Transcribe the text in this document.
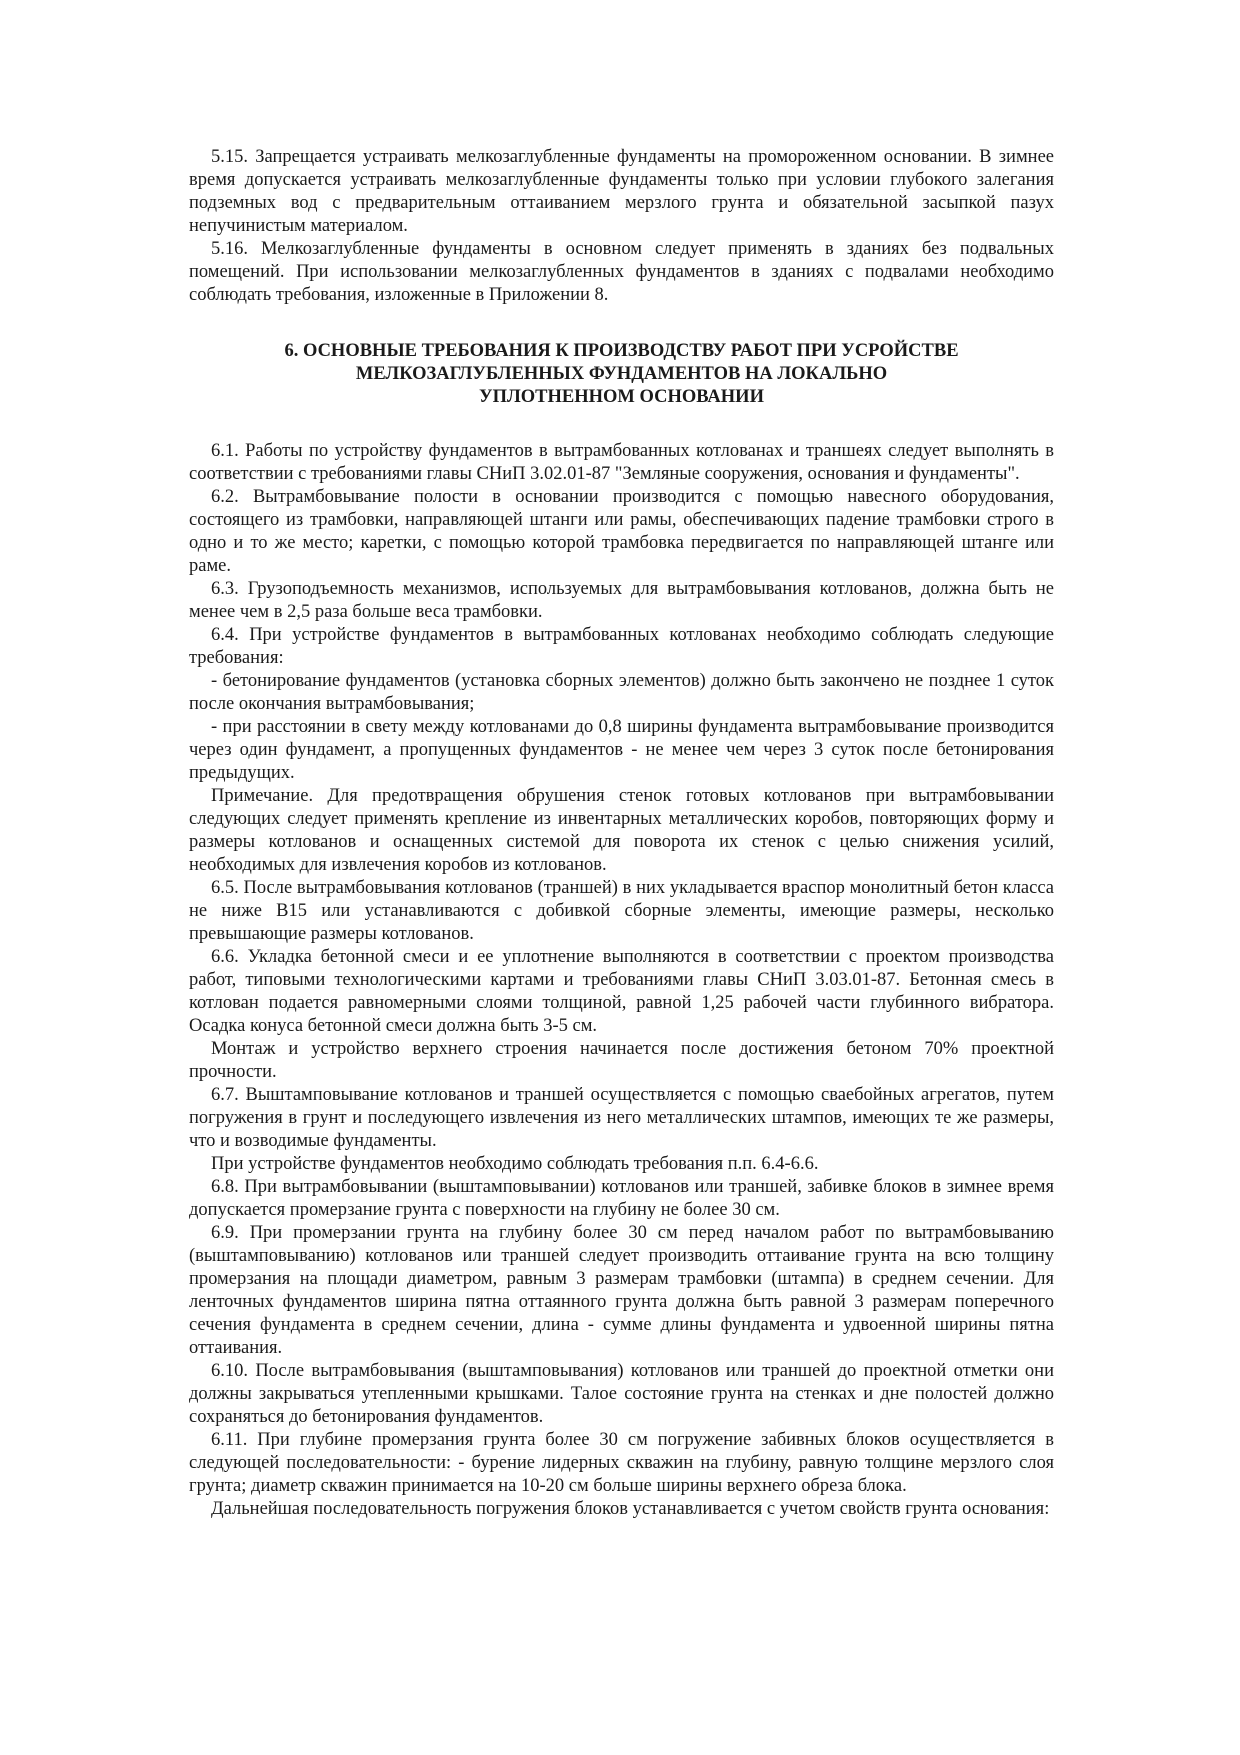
5.15. Запрещается устраивать мелкозаглубленные фундаменты на промороженном основании. В зимнее время допускается устраивать мелкозаглубленные фундаменты только при условии глубокого залегания подземных вод с предварительным оттаиванием мерзлого грунта и обязательной засыпкой пазух непучинистым материалом.

5.16. Мелкозаглубленные фундаменты в основном следует применять в зданиях без подвальных помещений. При использовании мелкозаглубленных фундаментов в зданиях с подвалами необходимо соблюдать требования, изложенные в Приложении 8.

6. ОСНОВНЫЕ ТРЕБОВАНИЯ К ПРОИЗВОДСТВУ РАБОТ ПРИ УСРОЙСТВЕ
МЕЛКОЗАГЛУБЛЕННЫХ ФУНДАМЕНТОВ НА ЛОКАЛЬНО
УПЛОТНЕННОМ ОСНОВАНИИ

6.1. Работы по устройству фундаментов в вытрамбованных котлованах и траншеях следует выполнять в соответствии с требованиями главы СНиП 3.02.01-87 "Земляные сооружения, основания и фундаменты".

6.2. Вытрамбовывание полости в основании производится с помощью навесного оборудования, состоящего из трамбовки, направляющей штанги или рамы, обеспечивающих падение трамбовки строго в одно и то же место; каретки, с помощью которой трамбовка передвигается по направляющей штанге или раме.

6.3. Грузоподъемность механизмов, используемых для вытрамбовывания котлованов, должна быть не менее чем в 2,5 раза больше веса трамбовки.

6.4. При устройстве фундаментов в вытрамбованных котлованах необходимо соблюдать следующие требования:

- бетонирование фундаментов (установка сборных элементов) должно быть закончено не позднее 1 суток после окончания вытрамбовывания;

- при расстоянии в свету между котлованами до 0,8 ширины фундамента вытрамбовывание производится через один фундамент, а пропущенных фундаментов - не менее чем через 3 суток после бетонирования предыдущих.

Примечание. Для предотвращения обрушения стенок готовых котлованов при вытрамбовывании следующих следует применять крепление из инвентарных металлических коробов, повторяющих форму и размеры котлованов и оснащенных системой для поворота их стенок с целью снижения усилий, необходимых для извлечения коробов из котлованов.

6.5. После вытрамбовывания котлованов (траншей) в них укладывается враспор монолитный бетон класса не ниже В15 или устанавливаются с добивкой сборные элементы, имеющие размеры, несколько превышающие размеры котлованов.

6.6. Укладка бетонной смеси и ее уплотнение выполняются в соответствии с проектом производства работ, типовыми технологическими картами и требованиями главы СНиП 3.03.01-87. Бетонная смесь в котлован подается равномерными слоями толщиной, равной 1,25 рабочей части глубинного вибратора. Осадка конуса бетонной смеси должна быть 3-5 см.

Монтаж и устройство верхнего строения начинается после достижения бетоном 70% проектной прочности.

6.7. Выштамповывание котлованов и траншей осуществляется с помощью сваебойных агрегатов, путем погружения в грунт и последующего извлечения из него металлических штампов, имеющих те же размеры, что и возводимые фундаменты.

При устройстве фундаментов необходимо соблюдать требования п.п. 6.4-6.6.

6.8. При вытрамбовывании (выштамповывании) котлованов или траншей, забивке блоков в зимнее время допускается промерзание грунта с поверхности на глубину не более 30 см.

6.9. При промерзании грунта на глубину более 30 см перед началом работ по вытрамбовыванию (выштамповыванию) котлованов или траншей следует производить оттаивание грунта на всю толщину промерзания на площади диаметром, равным 3 размерам трамбовки (штампа) в среднем сечении. Для ленточных фундаментов ширина пятна оттаянного грунта должна быть равной 3 размерам поперечного сечения фундамента в среднем сечении, длина - сумме длины фундамента и удвоенной ширины пятна оттаивания.

6.10. После вытрамбовывания (выштамповывания) котлованов или траншей до проектной отметки они должны закрываться утепленными крышками. Талое состояние грунта на стенках и дне полостей должно сохраняться до бетонирования фундаментов.

6.11. При глубине промерзания грунта более 30 см погружение забивных блоков осуществляется в следующей последовательности: - бурение лидерных скважин на глубину, равную толщине мерзлого слоя грунта; диаметр скважин принимается на 10-20 см больше ширины верхнего обреза блока.

Дальнейшая последовательность погружения блоков устанавливается с учетом свойств грунта основания:
